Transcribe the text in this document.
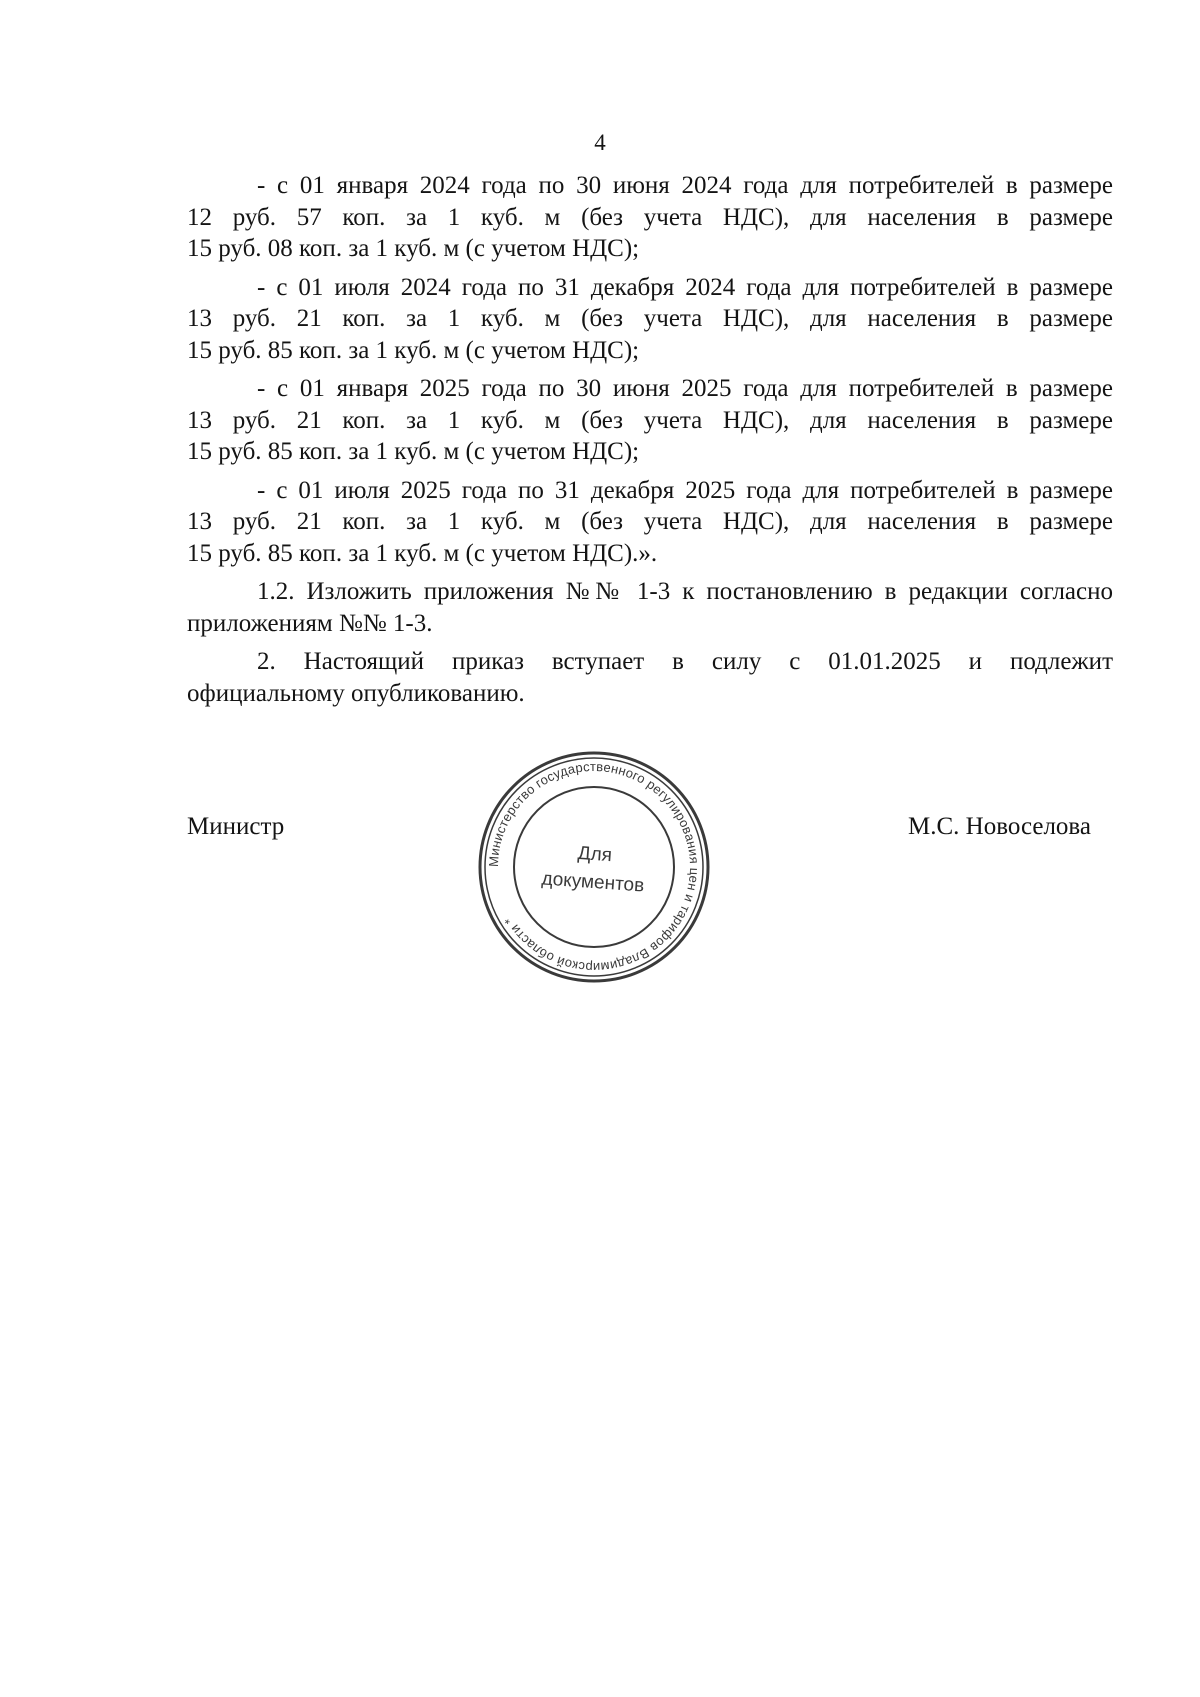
4
- с 01 января 2024 года по 30 июня 2024 года для потребителей в размере
12 руб. 57 коп. за 1 куб. м (без учета НДС), для населения в размере
15 руб. 08 коп. за 1 куб. м (с учетом НДС);
- с 01 июля 2024 года по 31 декабря 2024 года для потребителей в размере
13 руб. 21 коп. за 1 куб. м (без учета НДС), для населения в размере
15 руб. 85 коп. за 1 куб. м (с учетом НДС);
- с 01 января 2025 года по 30 июня 2025 года для потребителей в размере
13 руб. 21 коп. за 1 куб. м (без учета НДС), для населения в размере
15 руб. 85 коп. за 1 куб. м (с учетом НДС);
- с 01 июля 2025 года по 31 декабря 2025 года для потребителей в размере
13 руб. 21 коп. за 1 куб. м (без учета НДС), для населения в размере
15 руб. 85 коп. за 1 куб. м (с учетом НДС).».
1.2. Изложить приложения №№ 1-3 к постановлению в редакции согласно
приложениям №№ 1-3.
2. Настоящий приказ вступает в силу с 01.01.2025 и подлежит
официальному опубликованию.
Министр	М.С. Новоселова
Министерство государственного регулирования цен и тарифов Владимирской области *
Для
документов
